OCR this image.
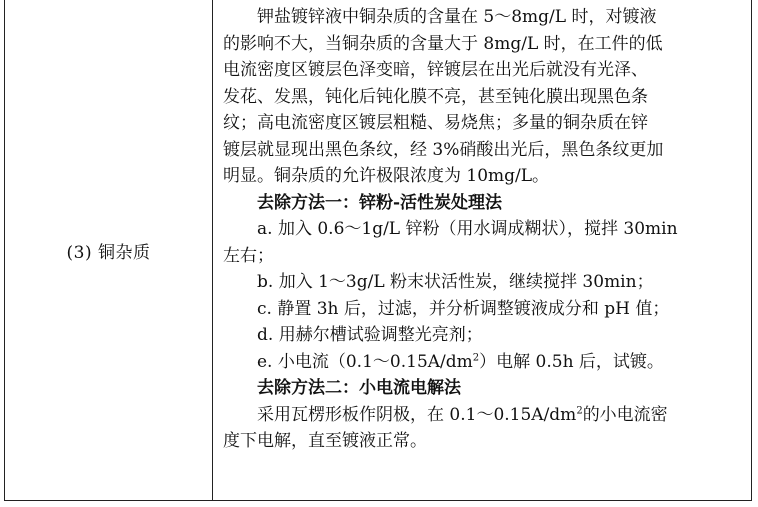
(3) 铜杂质
钾盐镀锌液中铜杂质的含量在 5～8mg/L 时，对镀液
的影响不大，当铜杂质的含量大于 8mg/L 时，在工件的低
电流密度区镀层色泽变暗，锌镀层在出光后就没有光泽、
发花、发黑，钝化后钝化膜不亮，甚至钝化膜出现黑色条
纹；高电流密度区镀层粗糙、易烧焦；多量的铜杂质在锌
镀层就显现出黑色条纹，经 3%硝酸出光后，黑色条纹更加
明显。铜杂质的允许极限浓度为 10mg/L。
去除方法一：锌粉-活性炭处理法
a. 加入 0.6～1g/L 锌粉（用水调成糊状），搅拌 30min
左右；
b. 加入 1～3g/L 粉末状活性炭，继续搅拌 30min；
c. 静置 3h 后，过滤，并分析调整镀液成分和 pH 值；
d. 用赫尔槽试验调整光亮剂；
e. 小电流$(0.1\sim 0.15A/dm^2)$电解 0.5h 后，试镀。
去除方法二：小电流电解法
采用瓦楞形板作阴极，在 $0.1\sim 0.15A/dm^2$的小电流密
度下电解，直至镀液正常。
